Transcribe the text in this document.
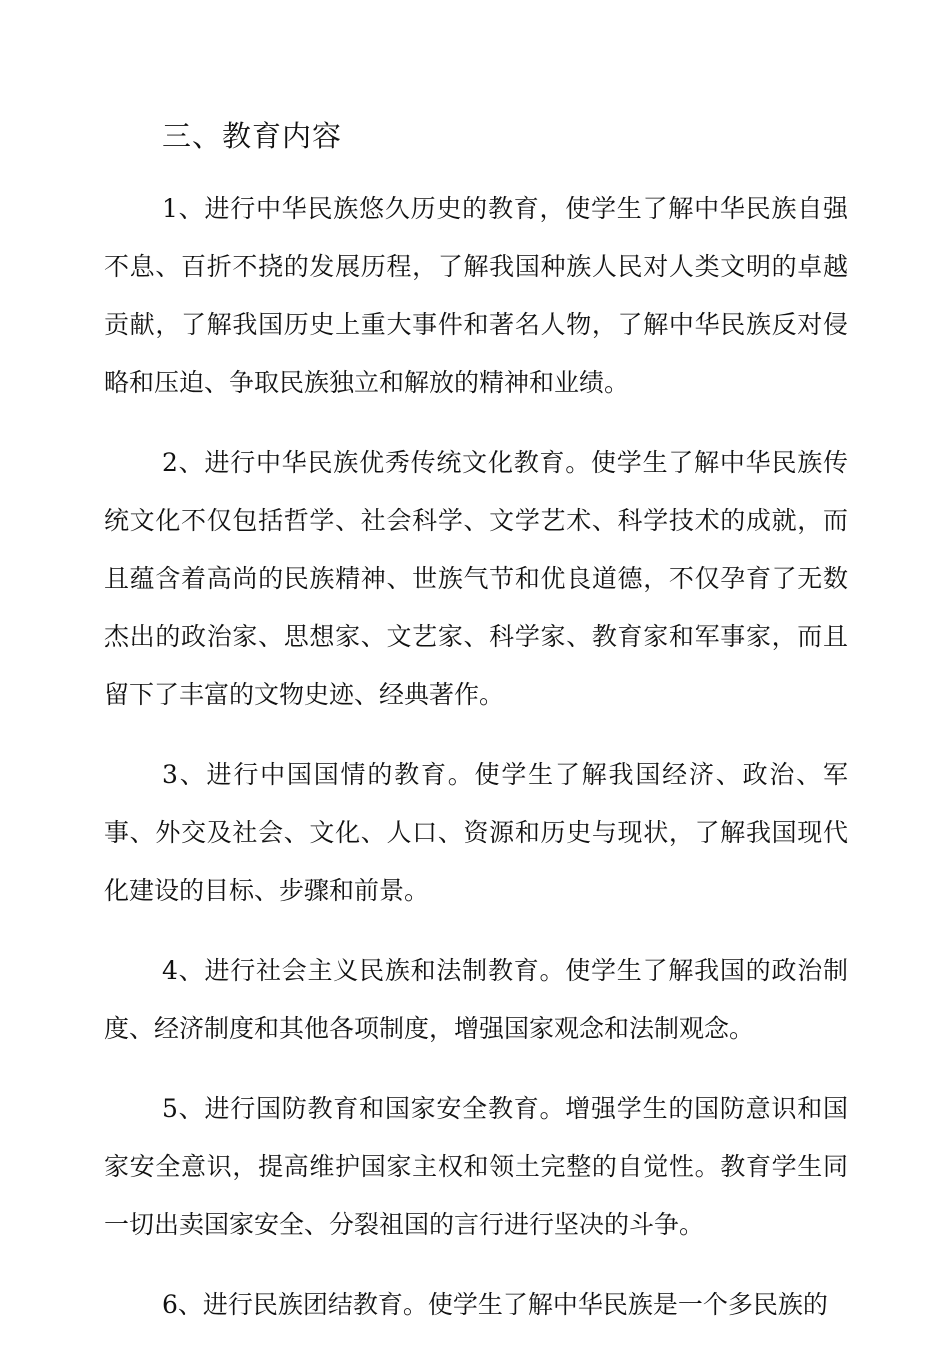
三、教育内容

1、进行中华民族悠久历史的教育，使学生了解中华民族自强不息、百折不挠的发展历程，了解我国种族人民对人类文明的卓越贡献，了解我国历史上重大事件和著名人物，了解中华民族反对侵略和压迫、争取民族独立和解放的精神和业绩。

2、进行中华民族优秀传统文化教育。使学生了解中华民族传统文化不仅包括哲学、社会科学、文学艺术、科学技术的成就，而且蕴含着高尚的民族精神、世族气节和优良道德，不仅孕育了无数杰出的政治家、思想家、文艺家、科学家、教育家和军事家，而且留下了丰富的文物史迹、经典著作。

3、进行中国国情的教育。使学生了解我国经济、政治、军事、外交及社会、文化、人口、资源和历史与现状，了解我国现代化建设的目标、步骤和前景。

4、进行社会主义民族和法制教育。使学生了解我国的政治制度、经济制度和其他各项制度，增强国家观念和法制观念。

5、进行国防教育和国家安全教育。增强学生的国防意识和国家安全意识，提高维护国家主权和领土完整的自觉性。教育学生同一切出卖国家安全、分裂祖国的言行进行坚决的斗争。

6、进行民族团结教育。使学生了解中华民族是一个多民族的
